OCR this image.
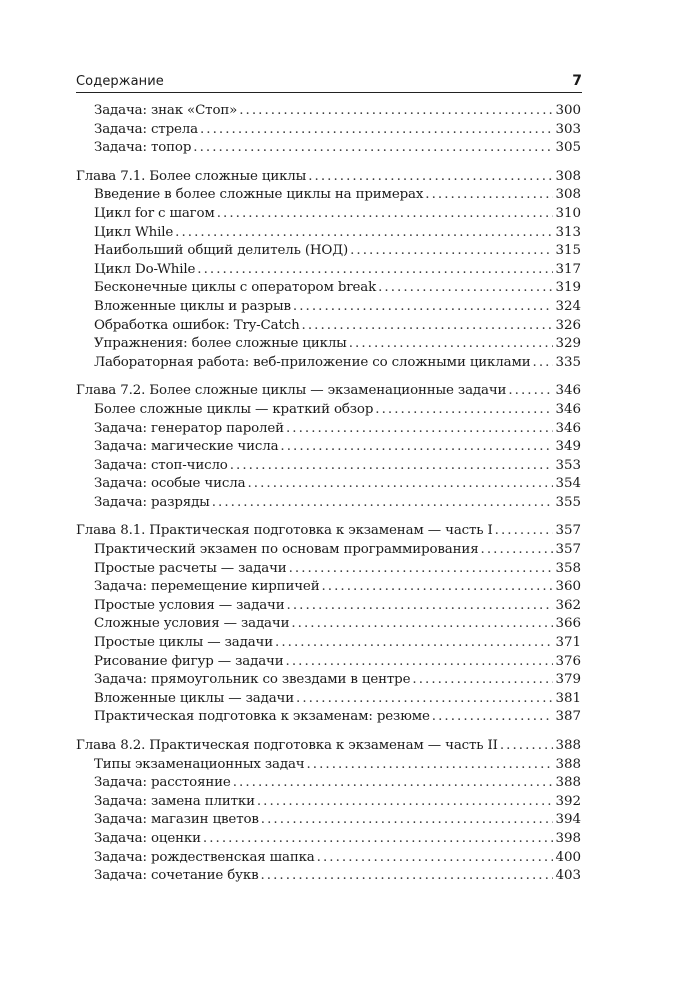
Содержание	7
Задача: знак «Стоп» . . .	300
Задача: стрела . . .	303
Задача: топор . . .	305
Глава 7.1. Более сложные циклы . . .	308
Введение в более сложные циклы на примерах . . .	308
Цикл for с шагом . . .	310
Цикл While . . .	313
Наибольший общий делитель (НОД) . . .	315
Цикл Do-While . . .	317
Бесконечные циклы с оператором break . . .	319
Вложенные циклы и разрыв . . .	324
Обработка ошибок: Try-Catch . . .	326
Упражнения: более сложные циклы . . .	329
Лабораторная работа: веб-приложение со сложными циклами . . . 335
Глава 7.2. Более сложные циклы — экзаменационные задачи . . .	346
Более сложные циклы — краткий обзор . . .	346
Задача: генератор паролей . . .	346
Задача: магические числа . . .	349
Задача: стоп-число . . .	353
Задача: особые числа . . .	354
Задача: разряды . . .	355
Глава 8.1. Практическая подготовка к экзаменам — часть I . . .	357
Практический экзамен по основам программирования . . .	357
Простые расчеты — задачи . . .	358
Задача: перемещение кирпичей . . .	360
Простые условия — задачи . . .	362
Сложные условия — задачи . . .	366
Простые циклы — задачи . . .	371
Рисование фигур — задачи . . .	376
Задача: прямоугольник со звездами в центре . . .	379
Вложенные циклы — задачи . . .	381
Практическая подготовка к экзаменам: резюме . . .	387
Глава 8.2. Практическая подготовка к экзаменам — часть II . . .	388
Типы экзаменационных задач . . .	388
Задача: расстояние . . .	388
Задача: замена плитки . . .	392
Задача: магазин цветов . . .	394
Задача: оценки . . .	398
Задача: рождественская шапка . . .	400
Задача: сочетание букв . . .	403
